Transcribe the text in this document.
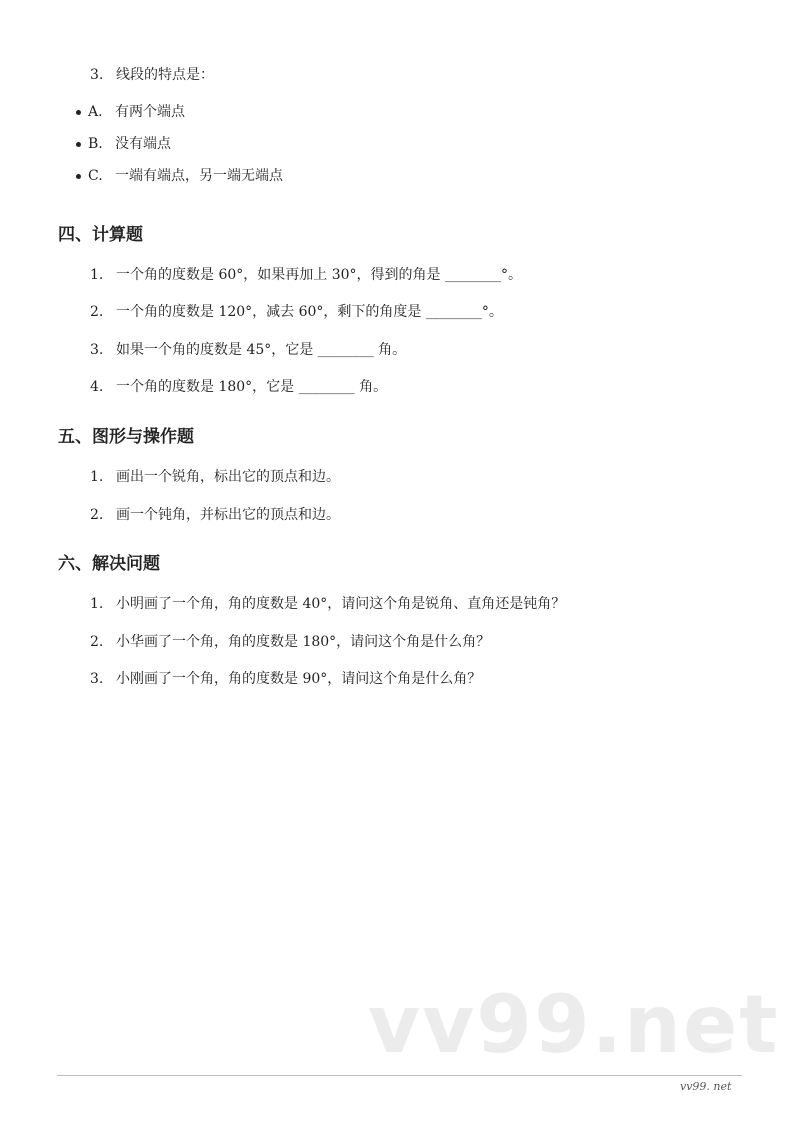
3. 线段的特点是：
A. 有两个端点
B. 没有端点
C. 一端有端点，另一端无端点
四、计算题
1. 一个角的度数是 60°，如果再加上 30°，得到的角是 ________°。
2. 一个角的度数是 120°，减去 60°，剩下的角度是 ________°。
3. 如果一个角的度数是 45°，它是 ________ 角。
4. 一个角的度数是 180°，它是 ________ 角。
五、图形与操作题
1. 画出一个锐角，标出它的顶点和边。
2. 画一个钝角，并标出它的顶点和边。
六、解决问题
1. 小明画了一个角，角的度数是 40°，请问这个角是锐角、直角还是钝角？
2. 小华画了一个角，角的度数是 180°，请问这个角是什么角？
3. 小刚画了一个角，角的度数是 90°，请问这个角是什么角？
vv99.net
vv99. net
